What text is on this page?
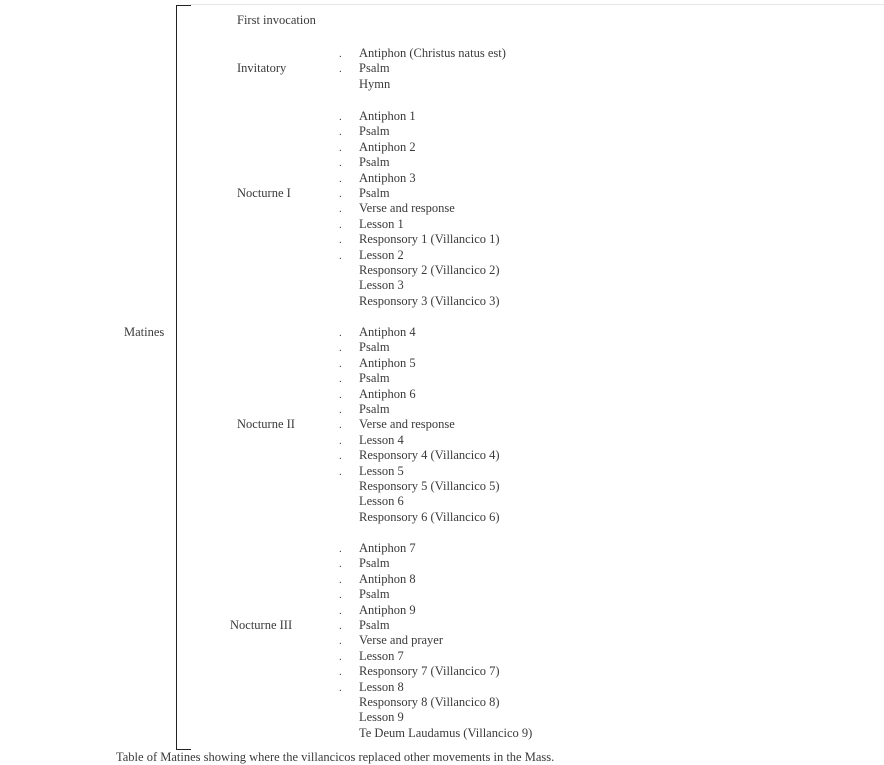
Matines
First invocation
Invitatory
. Antiphon (Christus natus est)
. Psalm
Hymn
Nocturne I
. Antiphon 1
. Psalm
. Antiphon 2
. Psalm
. Antiphon 3
. Psalm
. Verse and response
. Lesson 1
. Responsory 1 (Villancico 1)
. Lesson 2
Responsory 2 (Villancico 2)
Lesson 3
Responsory 3 (Villancico 3)
Nocturne II
. Antiphon 4
. Psalm
. Antiphon 5
. Psalm
. Antiphon 6
. Psalm
. Verse and response
. Lesson 4
. Responsory 4 (Villancico 4)
. Lesson 5
Responsory 5 (Villancico 5)
Lesson 6
Responsory 6 (Villancico 6)
Nocturne III
. Antiphon 7
. Psalm
. Antiphon 8
. Psalm
. Antiphon 9
. Psalm
. Verse and prayer
. Lesson 7
. Responsory 7 (Villancico 7)
. Lesson 8
Responsory 8 (Villancico 8)
Lesson 9
Te Deum Laudamus (Villancico 9)
Table of Matines showing where the villancicos replaced other movements in the Mass.
